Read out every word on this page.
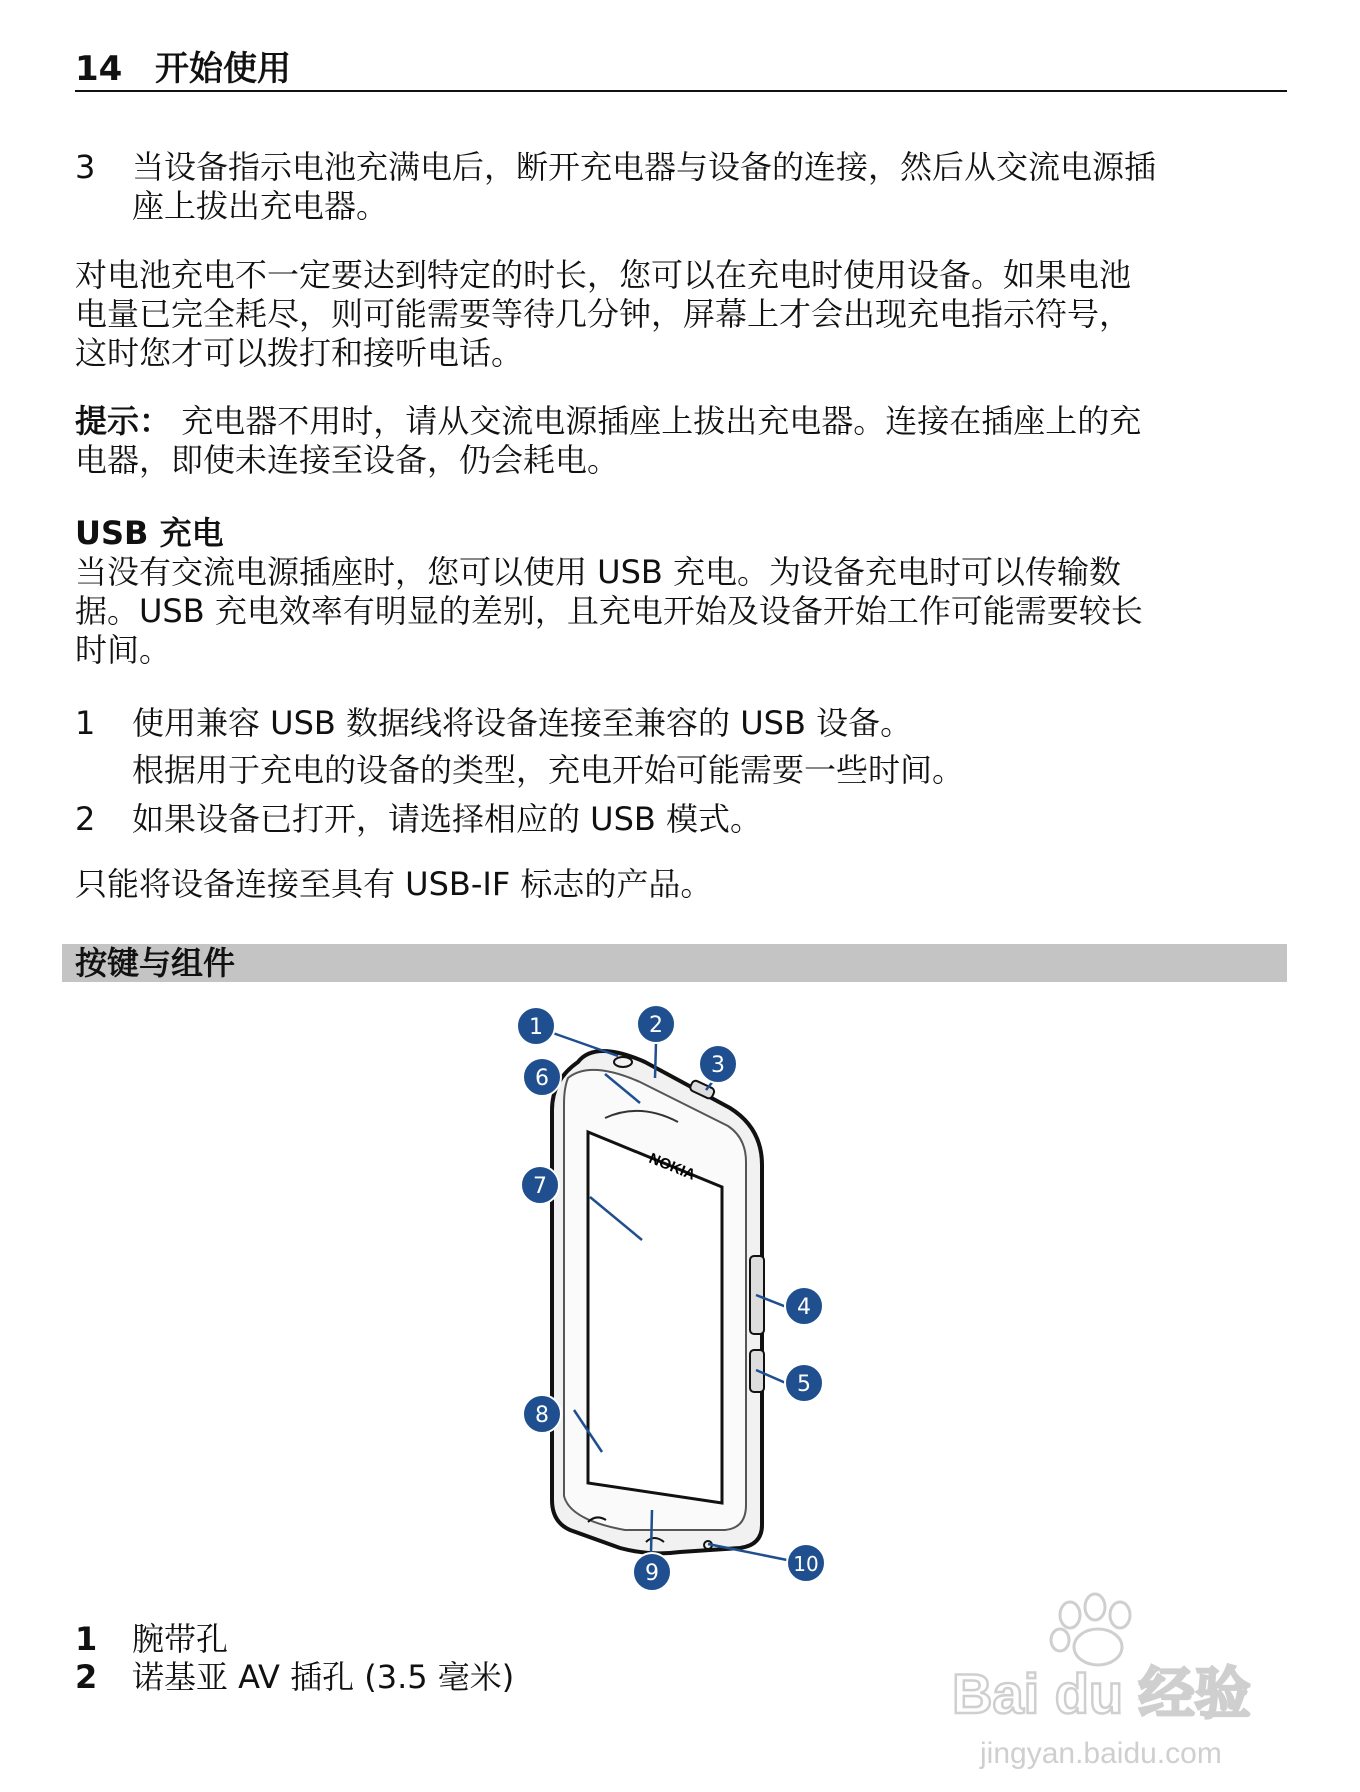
14 开始使用
3 当设备指示电池充满电后，断开充电器与设备的连接，然后从交流电源插
座上拔出充电器。
对电池充电不一定要达到特定的时长，您可以在充电时使用设备。如果电池
电量已完全耗尽，则可能需要等待几分钟，屏幕上才会出现充电指示符号，
这时您才可以拨打和接听电话。
提示： 充电器不用时，请从交流电源插座上拔出充电器。连接在插座上的充
电器，即使未连接至设备，仍会耗电。
USB 充电
当没有交流电源插座时，您可以使用 USB 充电。为设备充电时可以传输数
据。USB 充电效率有明显的差别，且充电开始及设备开始工作可能需要较长
时间。
1 使用兼容 USB 数据线将设备连接至兼容的 USB 设备。
根据用于充电的设备的类型，充电开始可能需要一些时间。
2 如果设备已打开，请选择相应的 USB 模式。
只能将设备连接至具有 USB-IF 标志的产品。
按键与组件
NOKIA
1	2
3
4
5
6
7
8
9	10
1 腕带孔
2 诺基亚 AV 插孔 (3.5 毫米)	Bai du 经验
jingyan.baidu.com
